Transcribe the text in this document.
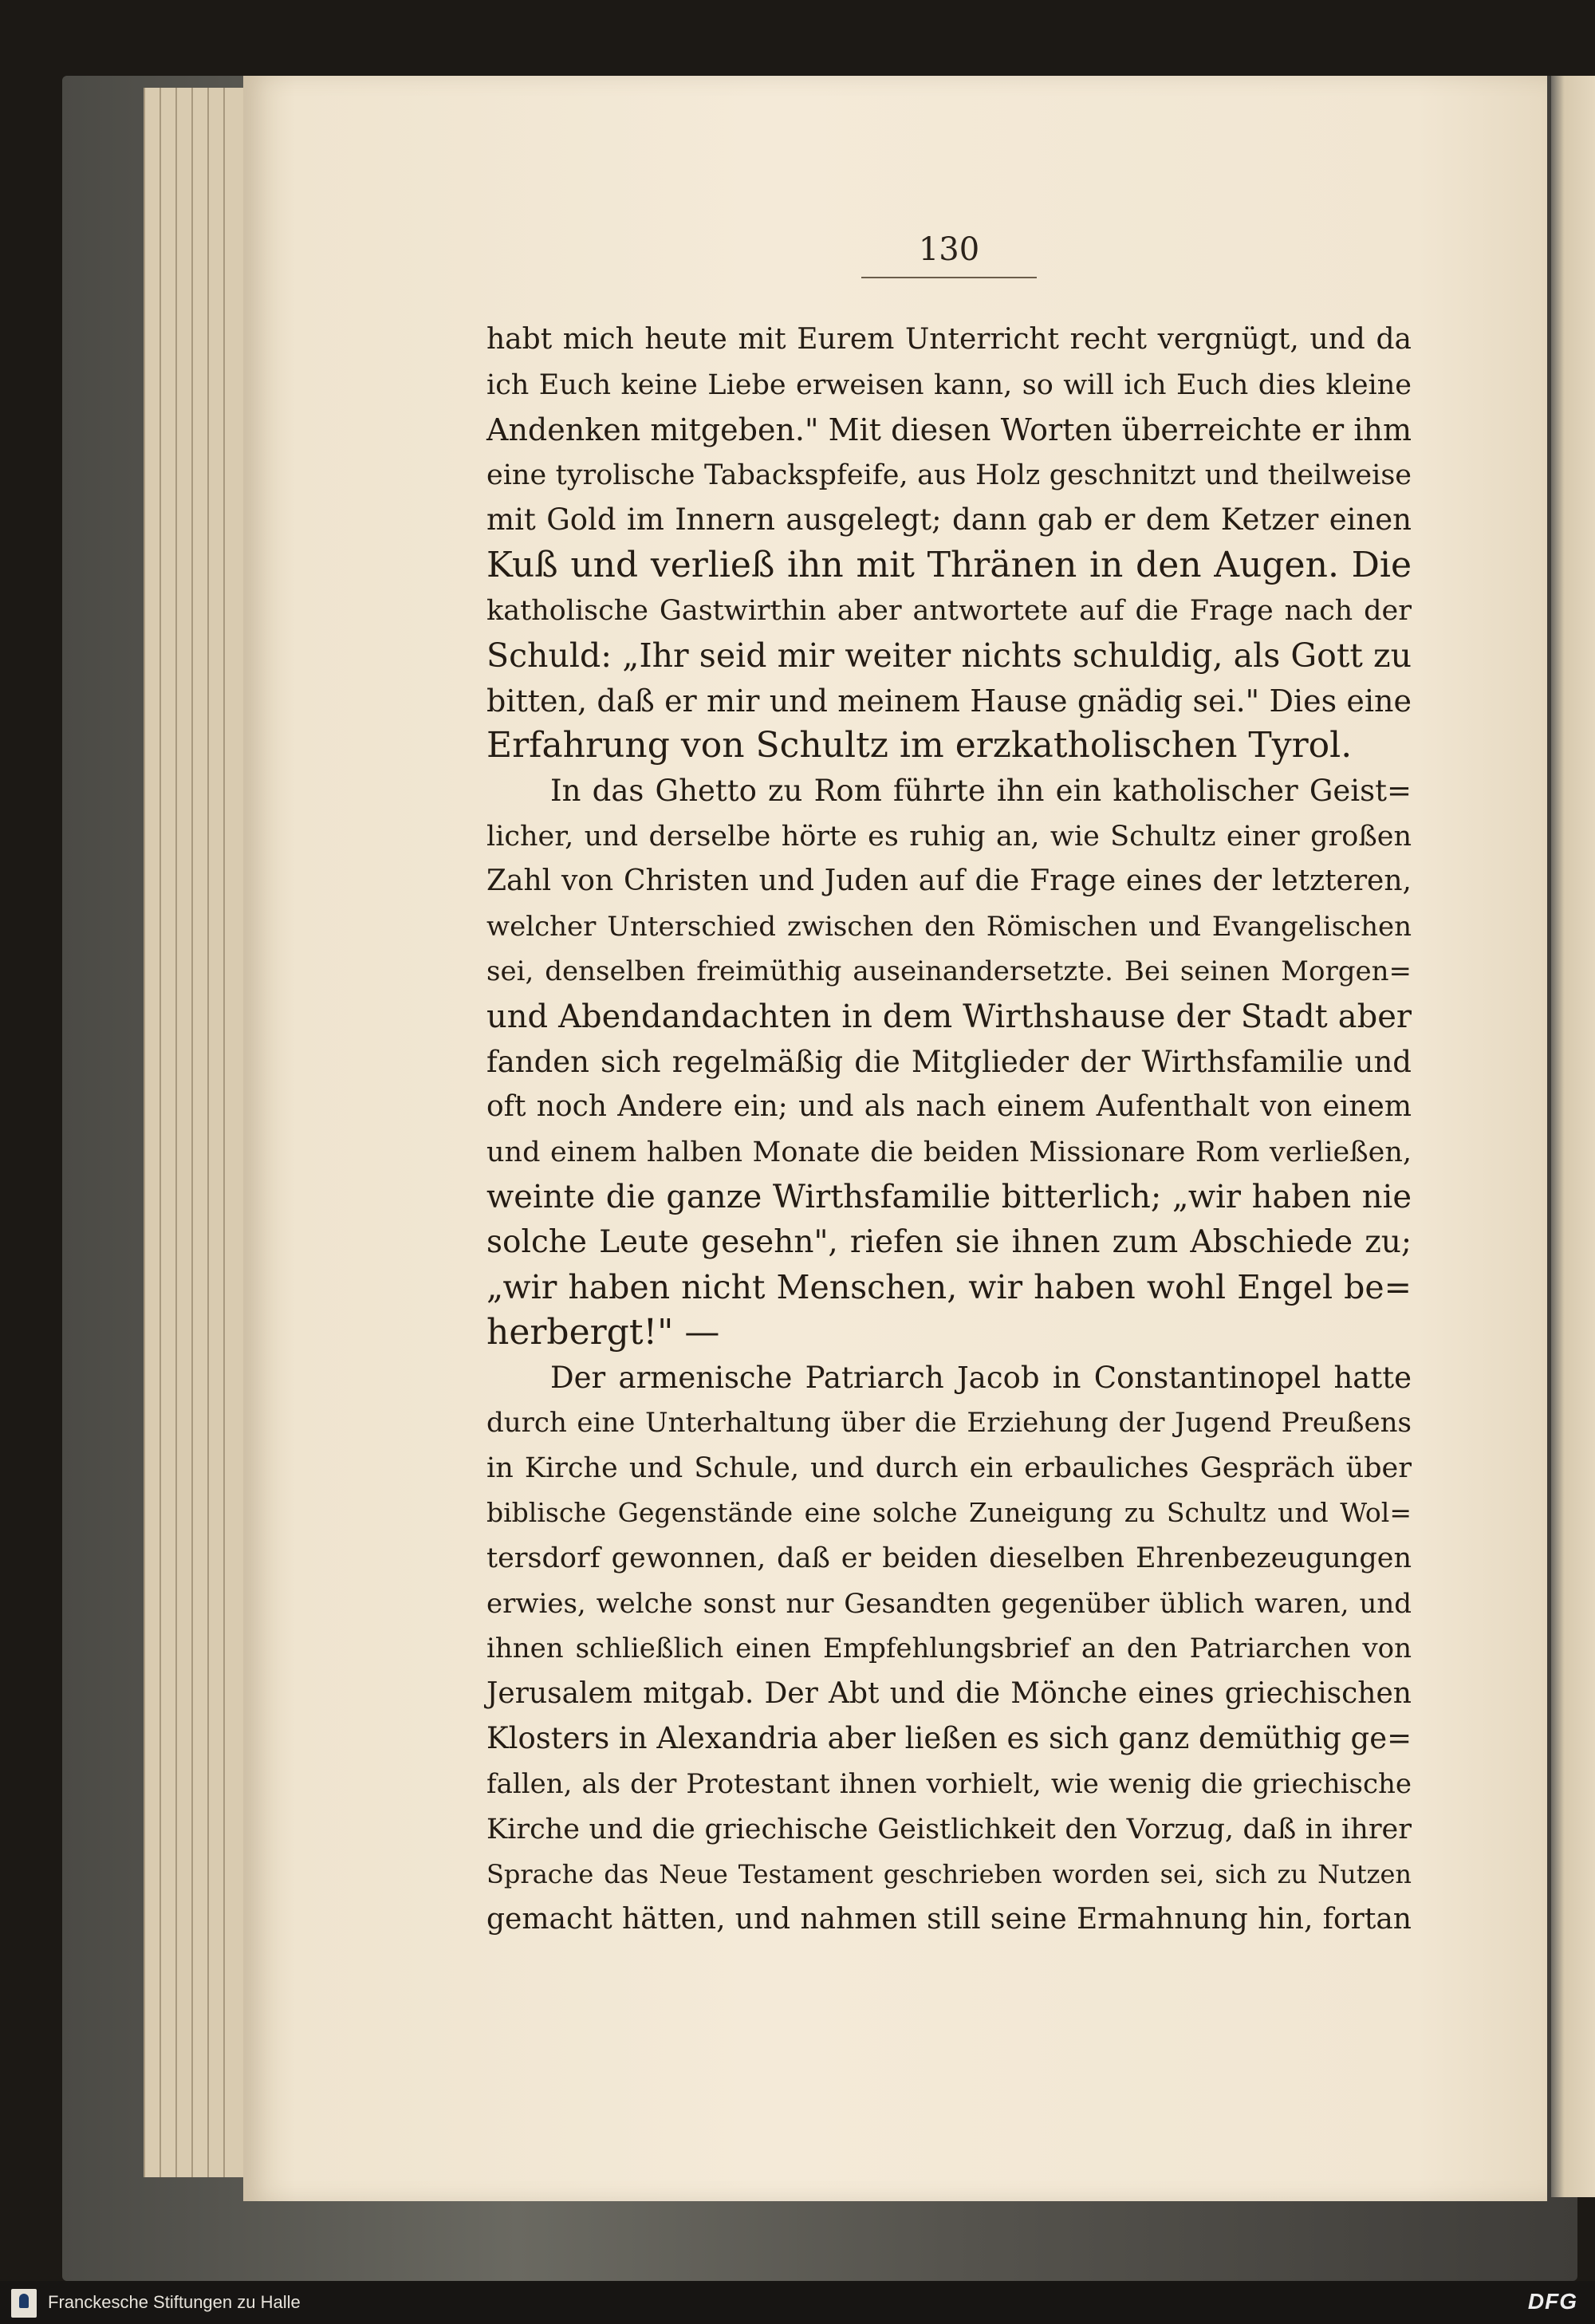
130
habt mich heute mit Eurem Unterricht recht vergnügt, und da
ich Euch keine Liebe erweisen kann, so will ich Euch dies kleine
Andenken mitgeben." Mit diesen Worten überreichte er ihm
eine tyrolische Tabackspfeife, aus Holz geschnitzt und theilweise
mit Gold im Innern ausgelegt; dann gab er dem Ketzer einen
Kuß und verließ ihn mit Thränen in den Augen. Die
katholische Gastwirthin aber antwortete auf die Frage nach der
Schuld: „Ihr seid mir weiter nichts schuldig, als Gott zu
bitten, daß er mir und meinem Hause gnädig sei." Dies eine
Erfahrung von Schultz im erzkatholischen Tyrol.
In das Ghetto zu Rom führte ihn ein katholischer Geist=
licher, und derselbe hörte es ruhig an, wie Schultz einer großen
Zahl von Christen und Juden auf die Frage eines der letzteren,
welcher Unterschied zwischen den Römischen und Evangelischen
sei, denselben freimüthig auseinandersetzte. Bei seinen Morgen=
und Abendandachten in dem Wirthshause der Stadt aber
fanden sich regelmäßig die Mitglieder der Wirthsfamilie und
oft noch Andere ein; und als nach einem Aufenthalt von einem
und einem halben Monate die beiden Missionare Rom verließen,
weinte die ganze Wirthsfamilie bitterlich; „wir haben nie
solche Leute gesehn", riefen sie ihnen zum Abschiede zu;
„wir haben nicht Menschen, wir haben wohl Engel be=
herbergt!" —
Der armenische Patriarch Jacob in Constantinopel hatte
durch eine Unterhaltung über die Erziehung der Jugend Preußens
in Kirche und Schule, und durch ein erbauliches Gespräch über
biblische Gegenstände eine solche Zuneigung zu Schultz und Wol=
tersdorf gewonnen, daß er beiden dieselben Ehrenbezeugungen
erwies, welche sonst nur Gesandten gegenüber üblich waren, und
ihnen schließlich einen Empfehlungsbrief an den Patriarchen von
Jerusalem mitgab. Der Abt und die Mönche eines griechischen
Klosters in Alexandria aber ließen es sich ganz demüthig ge=
fallen, als der Protestant ihnen vorhielt, wie wenig die griechische
Kirche und die griechische Geistlichkeit den Vorzug, daß in ihrer
Sprache das Neue Testament geschrieben worden sei, sich zu Nutzen
gemacht hätten, und nahmen still seine Ermahnung hin, fortan
Franckesche Stiftungen zu Halle	DFG
